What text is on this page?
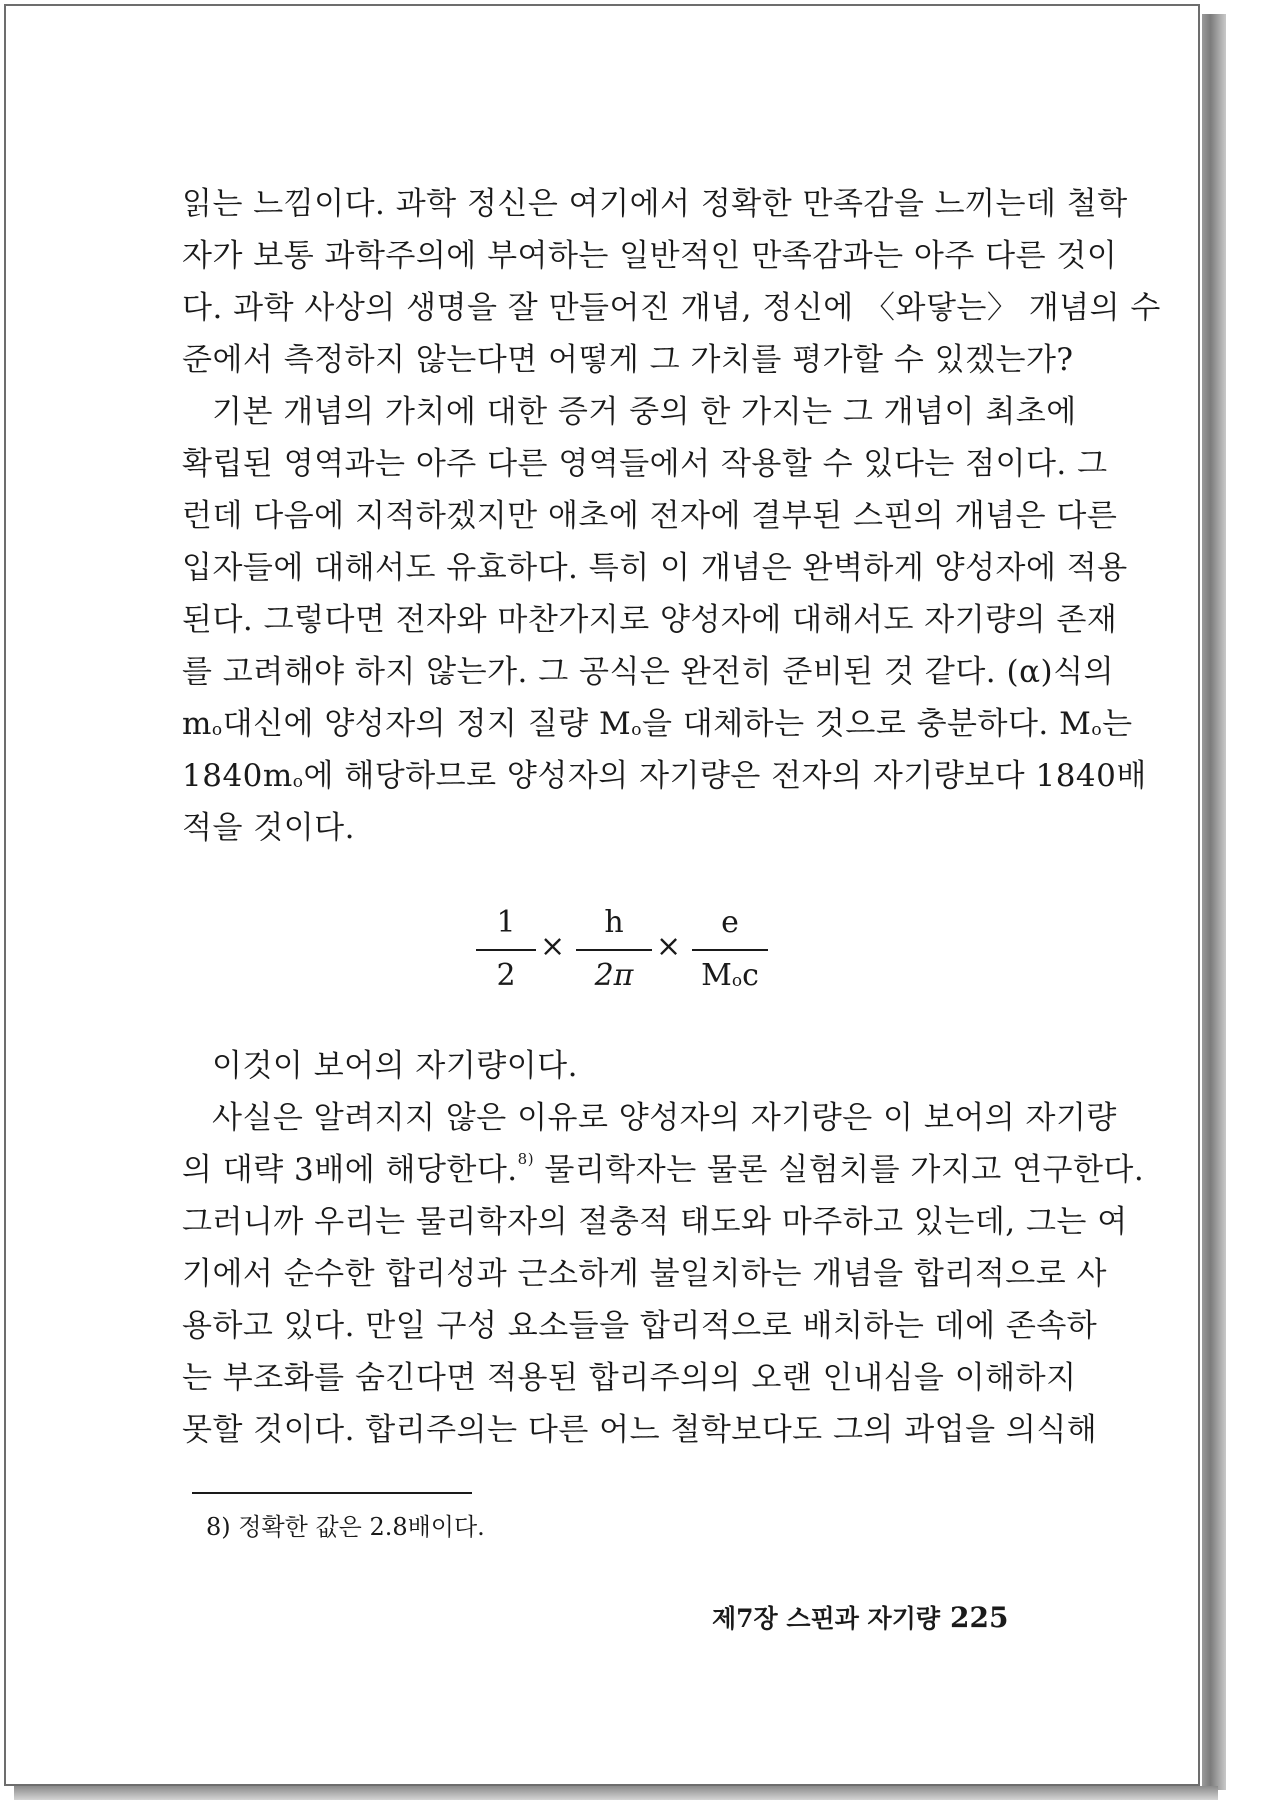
읽는 느낌이다. 과학 정신은 여기에서 정확한 만족감을 느끼는데 철학
자가 보통 과학주의에 부여하는 일반적인 만족감과는 아주 다른 것이
다. 과학 사상의 생명을 잘 만들어진 개념, 정신에 〈와닿는〉 개념의 수
준에서 측정하지 않는다면 어떻게 그 가치를 평가할 수 있겠는가?
기본 개념의 가치에 대한 증거 중의 한 가지는 그 개념이 최초에
확립된 영역과는 아주 다른 영역들에서 작용할 수 있다는 점이다. 그
런데 다음에 지적하겠지만 애초에 전자에 결부된 스핀의 개념은 다른
입자들에 대해서도 유효하다. 특히 이 개념은 완벽하게 양성자에 적용
된다. 그렇다면 전자와 마찬가지로 양성자에 대해서도 자기량의 존재
를 고려해야 하지 않는가. 그 공식은 완전히 준비된 것 같다. (α)식의
mo대신에 양성자의 정지 질량 Mo을 대체하는 것으로 충분하다. Mo는
1840mo에 해당하므로 양성자의 자기량은 전자의 자기량보다 1840배
적을 것이다.
1
2
×
h
2π
×
e
Moc
이것이 보어의 자기량이다.
사실은 알려지지 않은 이유로 양성자의 자기량은 이 보어의 자기량
의 대략 3배에 해당한다.$^{8)}$ 물리학자는 물론 실험치를 가지고 연구한다.
그러니까 우리는 물리학자의 절충적 태도와 마주하고 있는데, 그는 여
기에서 순수한 합리성과 근소하게 불일치하는 개념을 합리적으로 사
용하고 있다. 만일 구성 요소들을 합리적으로 배치하는 데에 존속하
는 부조화를 숨긴다면 적용된 합리주의의 오랜 인내심을 이해하지
못할 것이다. 합리주의는 다른 어느 철학보다도 그의 과업을 의식해
8) 정확한 값은 2.8배이다.
제7장 스핀과 자기량 225
